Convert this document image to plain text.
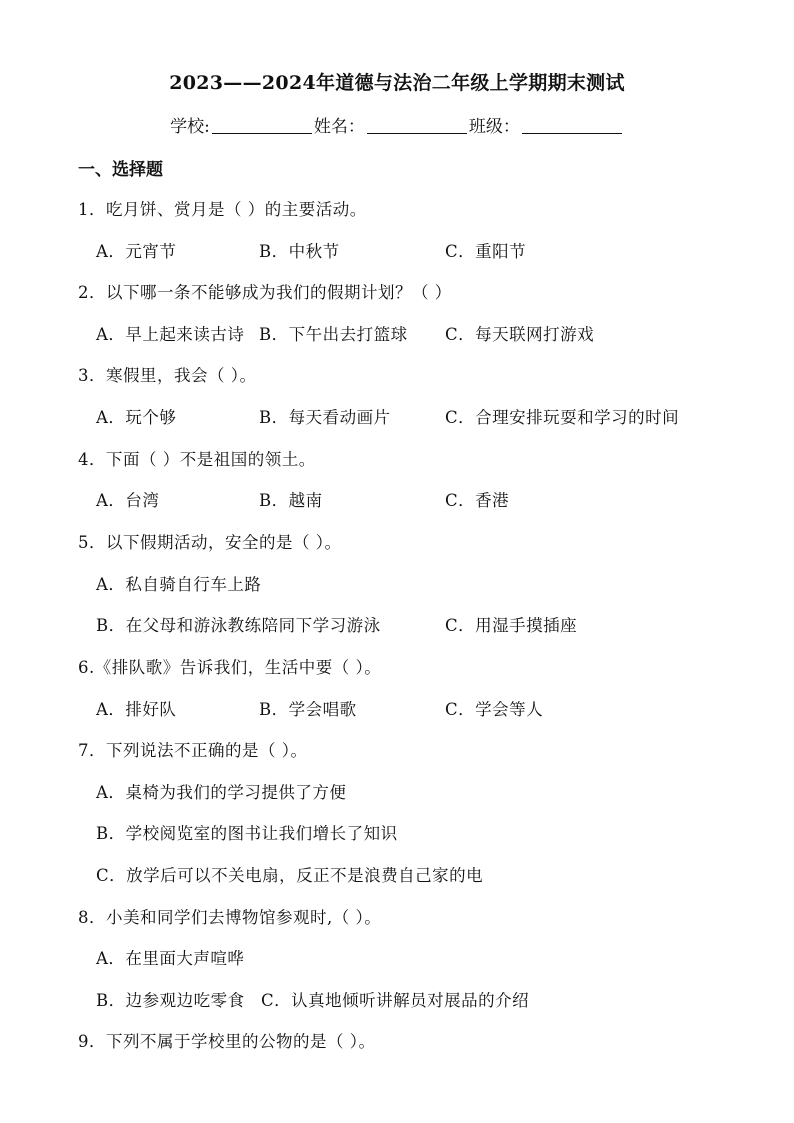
2023——2024年道德与法治二年级上学期期末测试
学校:	姓名：	班级：
一、选择题
1．吃月饼、赏月是（ ）的主要活动。
A．元宵节	B．中秋节	C．重阳节
2．以下哪一条不能够成为我们的假期计划？（ ）
A．早上起来读古诗 B．下午出去打篮球 C．每天联网打游戏
3．寒假里，我会（ ）。
A．玩个够	B．每天看动画片	C．合理安排玩耍和学习的时间
4．下面（ ）不是祖国的领土。
A．台湾	B．越南	C．香港
5．以下假期活动，安全的是（ ）。
A．私自骑自行车上路
B．在父母和游泳教练陪同下学习游泳	C．用湿手摸插座
6.《排队歌》告诉我们，生活中要（ ）。
A．排好队	B．学会唱歌	C．学会等人
7．下列说法不正确的是（ ）。
A．桌椅为我们的学习提供了方便
B．学校阅览室的图书让我们增长了知识
C．放学后可以不关电扇，反正不是浪费自己家的电
8．小美和同学们去博物馆参观时,（ ）。
A．在里面大声喧哗
B．边参观边吃零食 C．认真地倾听讲解员对展品的介绍
9．下列不属于学校里的公物的是（ ）。
